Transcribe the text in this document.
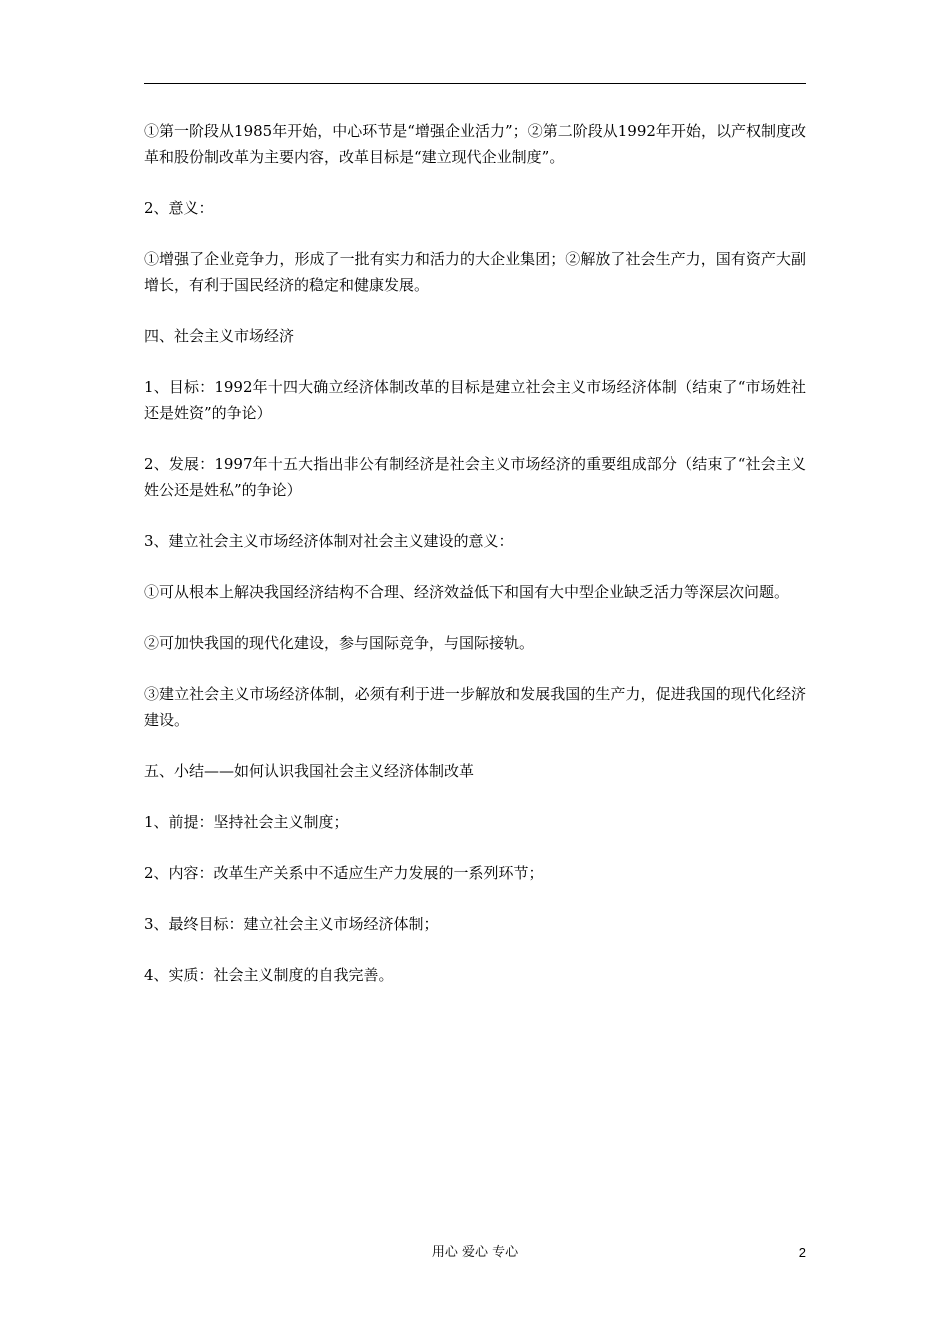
①第一阶段从1985年开始，中心环节是“增强企业活力”；②第二阶段从1992年开始，以产权制度改革和股份制改革为主要内容，改革目标是“建立现代企业制度”。

2、意义：

①增强了企业竞争力，形成了一批有实力和活力的大企业集团；②解放了社会生产力，国有资产大副增长，有利于国民经济的稳定和健康发展。

四、社会主义市场经济

1、目标：1992年十四大确立经济体制改革的目标是建立社会主义市场经济体制（结束了“市场姓社还是姓资”的争论）

2、发展：1997年十五大指出非公有制经济是社会主义市场经济的重要组成部分（结束了“社会主义姓公还是姓私”的争论）

3、建立社会主义市场经济体制对社会主义建设的意义：

①可从根本上解决我国经济结构不合理、经济效益低下和国有大中型企业缺乏活力等深层次问题。

②可加快我国的现代化建设，参与国际竞争，与国际接轨。

③建立社会主义市场经济体制，必须有利于进一步解放和发展我国的生产力，促进我国的现代化经济建设。

五、小结——如何认识我国社会主义经济体制改革

1、前提：坚持社会主义制度；

2、内容：改革生产关系中不适应生产力发展的一系列环节；

3、最终目标：建立社会主义市场经济体制；

4、实质：社会主义制度的自我完善。

用心 爱心 专心	2
